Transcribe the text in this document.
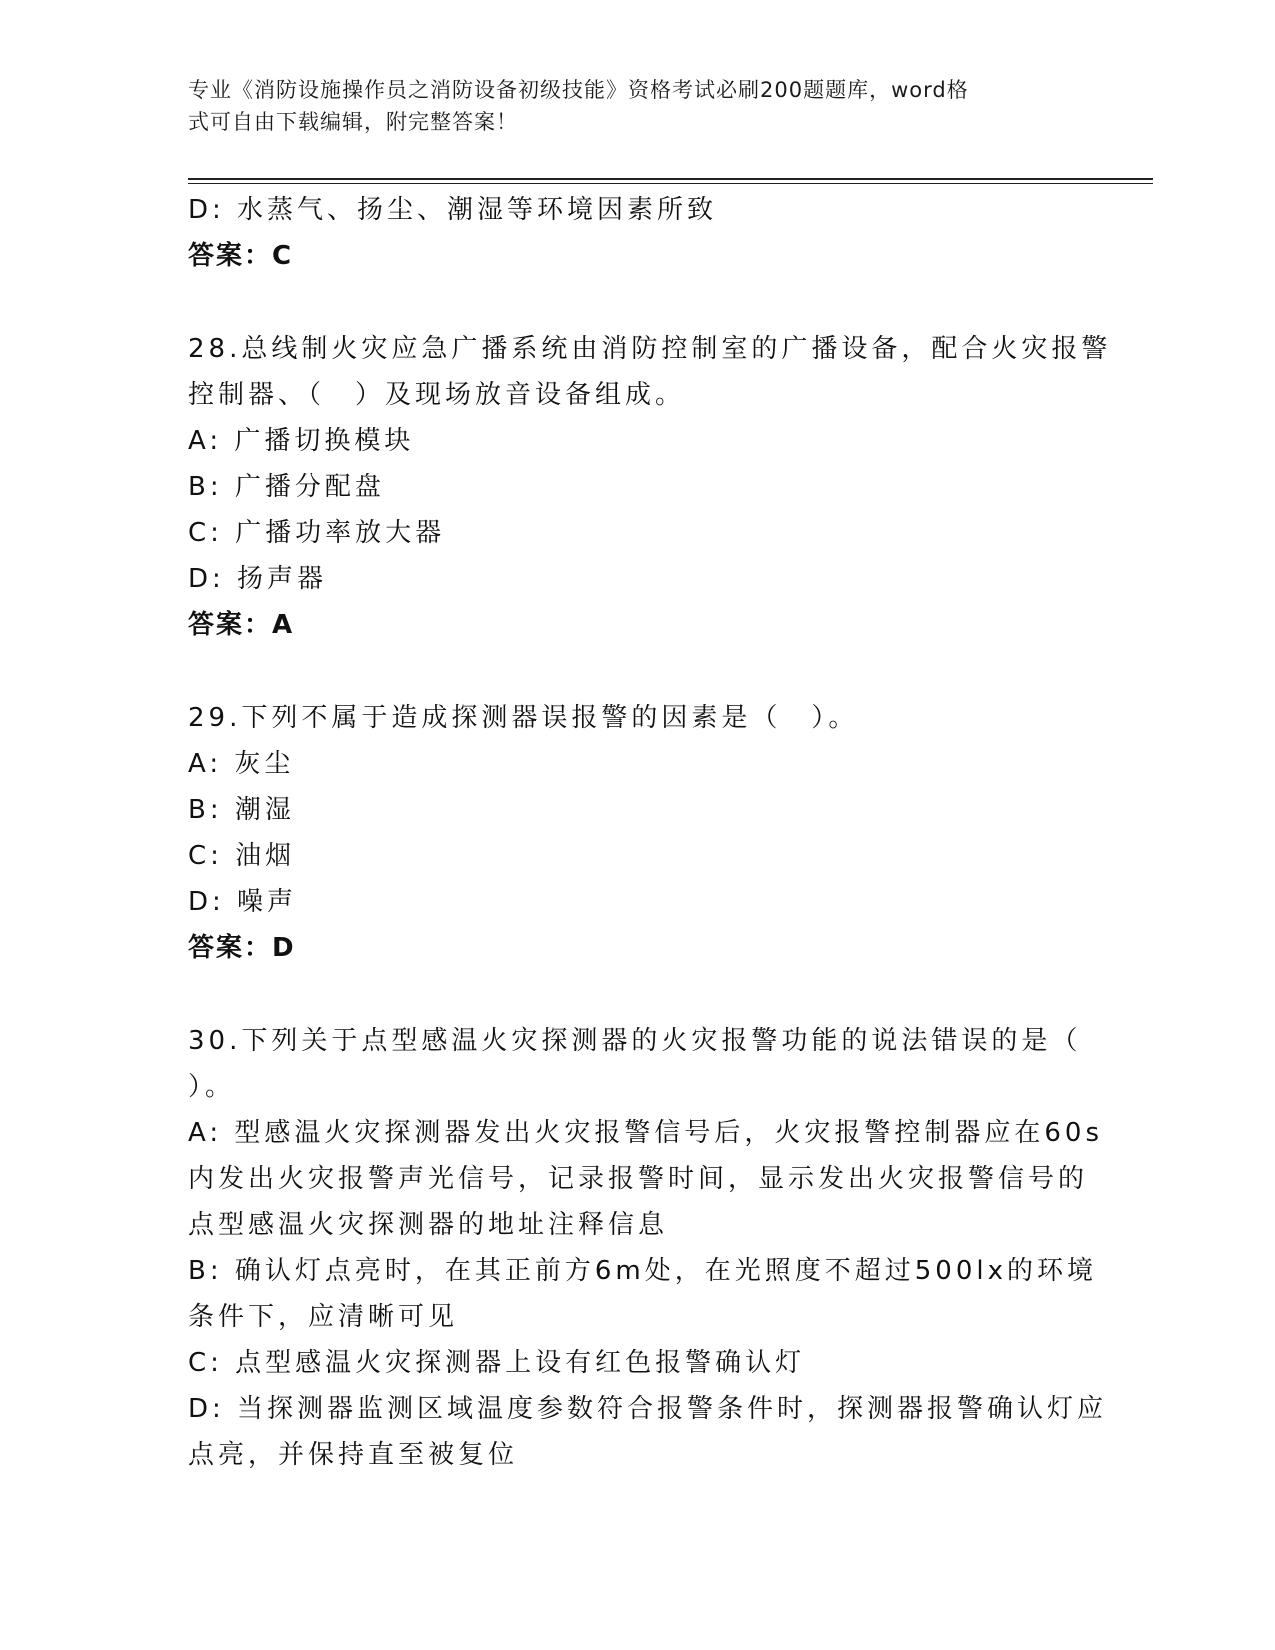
专业《消防设施操作员之消防设备初级技能》资格考试必刷200题题库，word格
式可自由下载编辑，附完整答案！
D: 水蒸气、扬尘、潮湿等环境因素所致
答案：C
28.总线制火灾应急广播系统由消防控制室的广播设备，配合火灾报警
控制器、（　）及现场放音设备组成。
A: 广播切换模块
B: 广播分配盘
C: 广播功率放大器
D: 扬声器
答案：A
29.下列不属于造成探测器误报警的因素是（　）。
A: 灰尘
B: 潮湿
C: 油烟
D: 噪声
答案：D
30.下列关于点型感温火灾探测器的火灾报警功能的说法错误的是（
）。
A: 型感温火灾探测器发出火灾报警信号后，火灾报警控制器应在60s
内发出火灾报警声光信号，记录报警时间，显示发出火灾报警信号的
点型感温火灾探测器的地址注释信息
B: 确认灯点亮时，在其正前方6m处，在光照度不超过500lx的环境
条件下，应清晰可见
C: 点型感温火灾探测器上设有红色报警确认灯
D: 当探测器监测区域温度参数符合报警条件时，探测器报警确认灯应
点亮，并保持直至被复位
